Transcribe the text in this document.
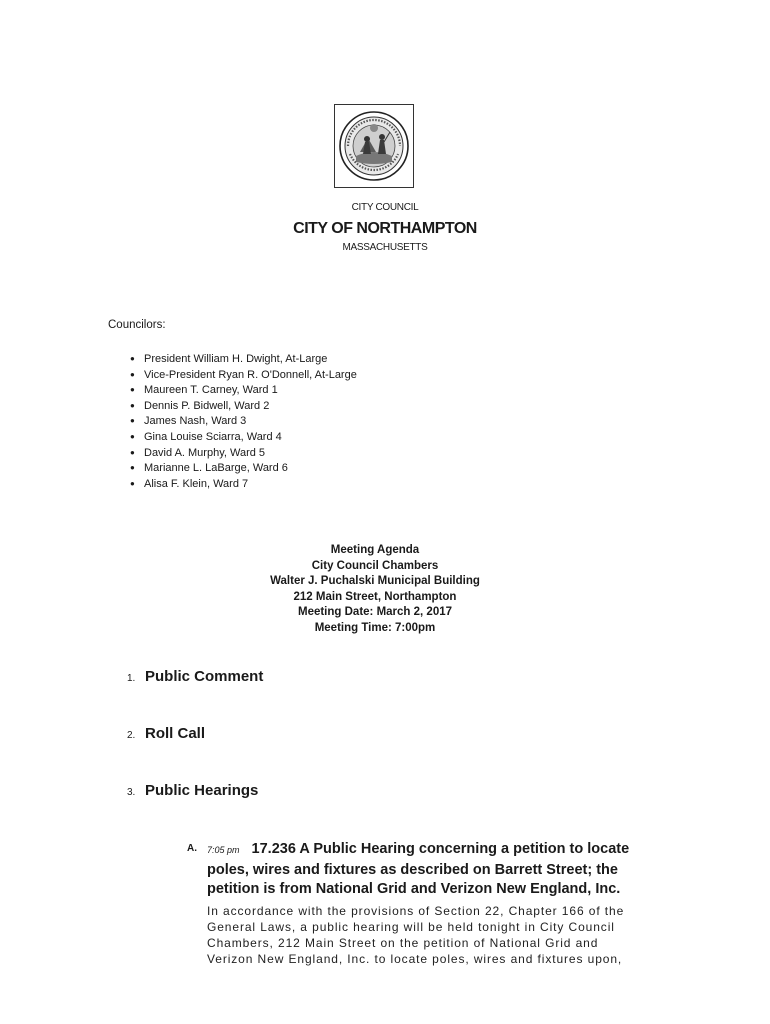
CITY COUNCIL
CITY OF NORTHAMPTON
MASSACHUSETTS
Councilors:
● President William H. Dwight, At-Large
● Vice-President Ryan R. O'Donnell, At-Large
● Maureen T. Carney, Ward 1
● Dennis P. Bidwell, Ward 2
● James Nash, Ward 3
● Gina Louise Sciarra, Ward 4
● David A. Murphy, Ward 5
● Marianne L. LaBarge, Ward 6
● Alisa F. Klein, Ward 7
Meeting Agenda
City Council Chambers
Walter J. Puchalski Municipal Building
212 Main Street, Northampton
Meeting Date: March 2, 2017
Meeting Time: 7:00pm
1. Public Comment
2. Roll Call
3. Public Hearings
A. 7:05 pm 17.236 A Public Hearing concerning a petition to locate poles, wires and fixtures as described on Barrett Street; the petition is from National Grid and Verizon New England, Inc.
In accordance with the provisions of Section 22, Chapter 166 of the General Laws, a public hearing will be held tonight in City Council Chambers, 212 Main Street on the petition of National Grid and Verizon New England, Inc. to locate poles, wires and fixtures upon,
